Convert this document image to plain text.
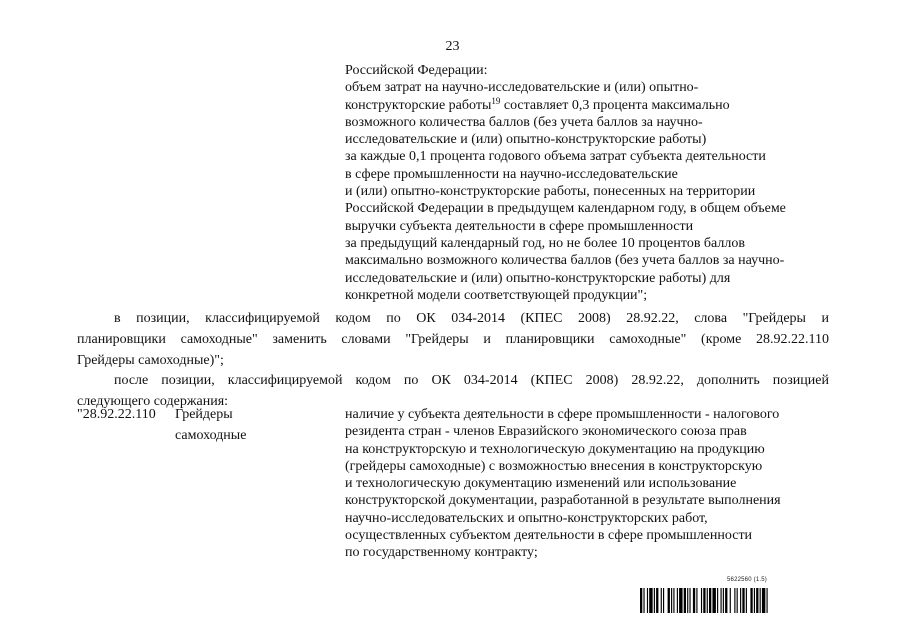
23
Российской Федерации:
объем затрат на научно-исследовательские и (или) опытно-
конструкторские работы$^{19}$ составляет 0,3 процента максимально
возможного количества баллов (без учета баллов за научно-
исследовательские и (или) опытно-конструкторские работы)
за каждые 0,1 процента годового объема затрат субъекта деятельности
в сфере промышленности на научно-исследовательские
и (или) опытно-конструкторские работы, понесенных на территории
Российской Федерации в предыдущем календарном году, в общем объеме
выручки субъекта деятельности в сфере промышленности
за предыдущий календарный год, но не более 10 процентов баллов
максимально возможного количества баллов (без учета баллов за научно-
исследовательские и (или) опытно-конструкторские работы) для
конкретной модели соответствующей продукции";
в позиции, классифицируемой кодом по ОК 034-2014 (КПЕС 2008) 28.92.22, слова "Грейдеры и
планировщики самоходные" заменить словами "Грейдеры и планировщики самоходные" (кроме 28.92.22.110
Грейдеры самоходные)";
после позиции, классифицируемой кодом по ОК 034-2014 (КПЕС 2008) 28.92.22, дополнить позицией
следующего содержания:
"28.92.22.110 Грейдеры
самоходные
наличие у субъекта деятельности в сфере промышленности - налогового
резидента стран - членов Евразийского экономического союза прав
на конструкторскую и технологическую документацию на продукцию
(грейдеры самоходные) с возможностью внесения в конструкторскую
и технологическую документацию изменений или использование
конструкторской документации, разработанной в результате выполнения
научно-исследовательских и опытно-конструкторских работ,
осуществленных субъектом деятельности в сфере промышленности
по государственному контракту;
5622560 (1.5)
